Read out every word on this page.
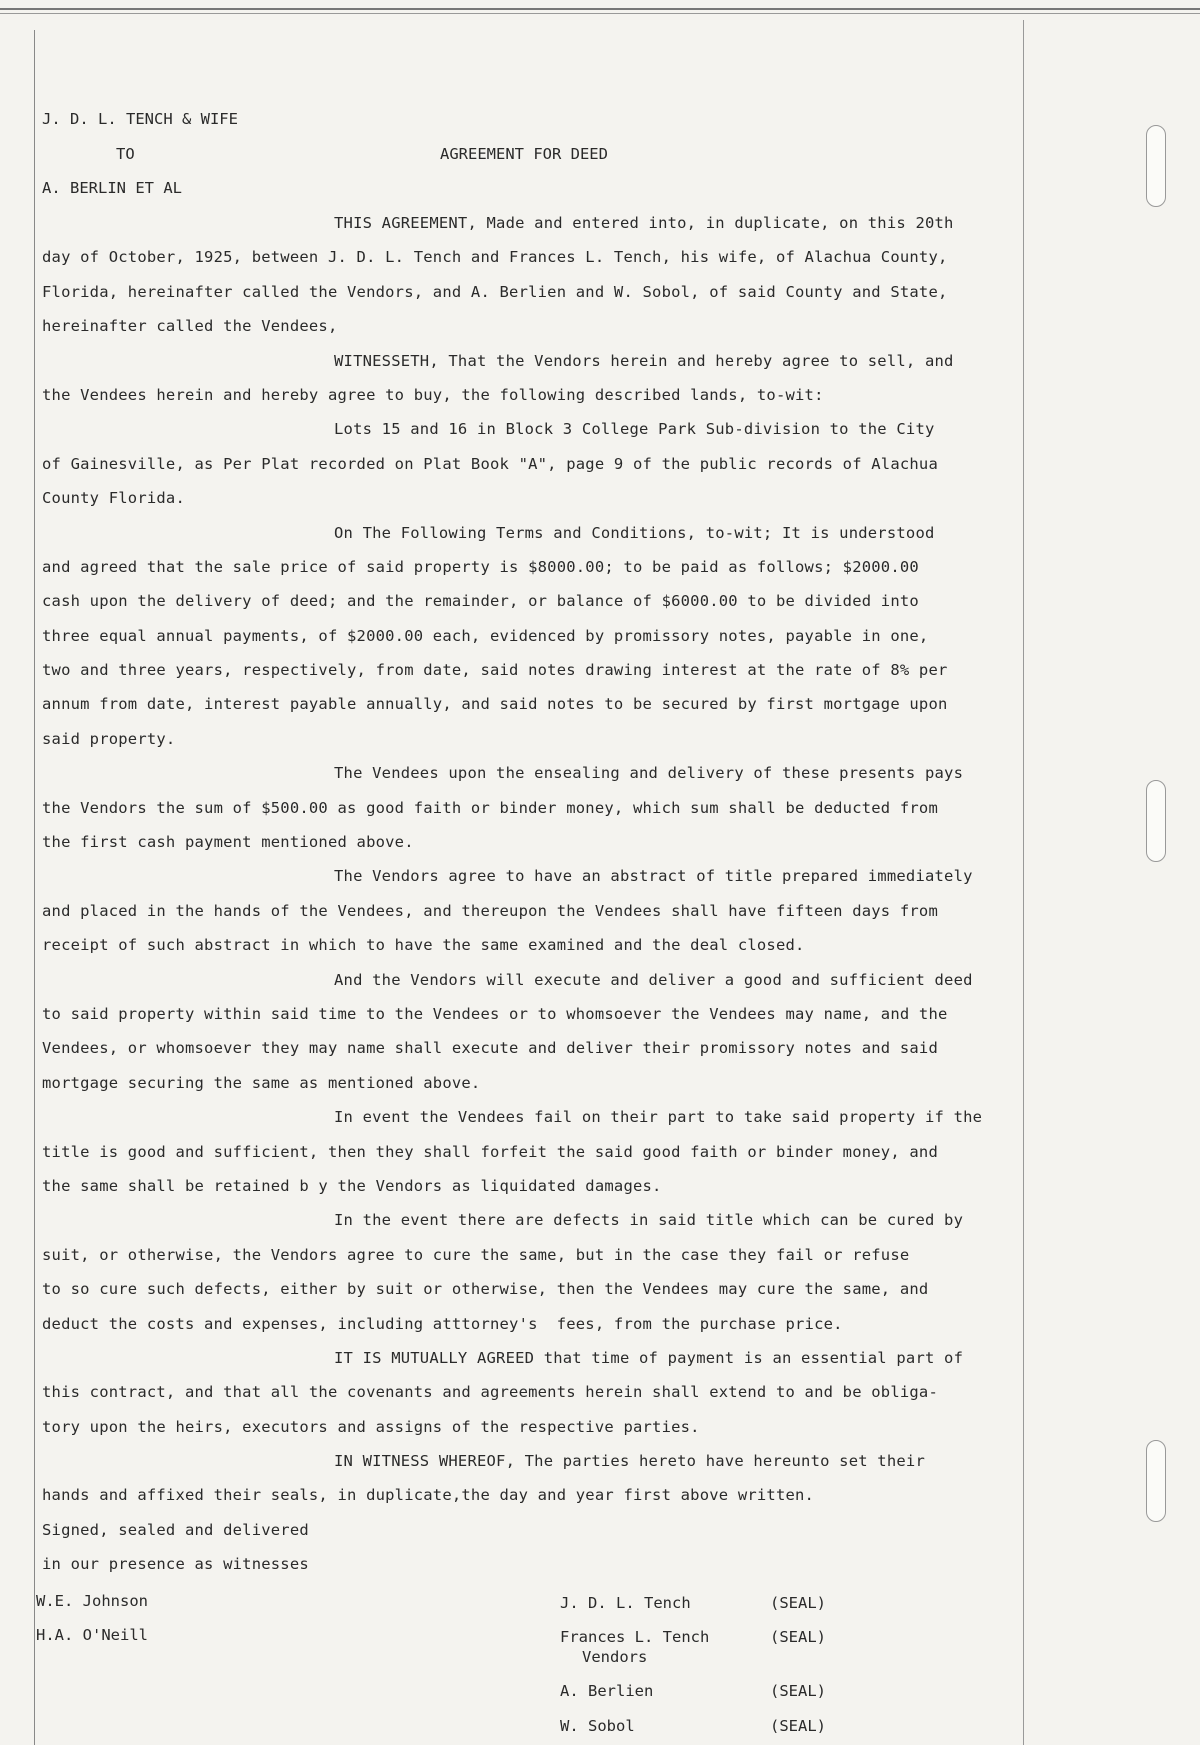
J. D. L. TENCH & WIFE
TO	AGREEMENT FOR DEED
A. BERLIN ET AL
THIS AGREEMENT, Made and entered into, in duplicate, on this 20th
day of October, 1925, between J. D. L. Tench and Frances L. Tench, his wife, of Alachua County,
Florida, hereinafter called the Vendors, and A. Berlien and W. Sobol, of said County and State,
hereinafter called the Vendees,
WITNESSETH, That the Vendors herein and hereby agree to sell, and
the Vendees herein and hereby agree to buy, the following described lands, to-wit:
Lots 15 and 16 in Block 3 College Park Sub-division to the City
of Gainesville, as Per Plat recorded on Plat Book "A", page 9 of the public records of Alachua
County Florida.
On The Following Terms and Conditions, to-wit; It is understood
and agreed that the sale price of said property is $8000.00; to be paid as follows; $2000.00
cash upon the delivery of deed; and the remainder, or balance of $6000.00 to be divided into
three equal annual payments, of $2000.00 each, evidenced by promissory notes, payable in one,
two and three years, respectively, from date, said notes drawing interest at the rate of 8% per
annum from date, interest payable annually, and said notes to be secured by first mortgage upon
said property.
The Vendees upon the ensealing and delivery of these presents pays
the Vendors the sum of $500.00 as good faith or binder money, which sum shall be deducted from
the first cash payment mentioned above.
The Vendors agree to have an abstract of title prepared immediately
and placed in the hands of the Vendees, and thereupon the Vendees shall have fifteen days from
receipt of such abstract in which to have the same examined and the deal closed.
And the Vendors will execute and deliver a good and sufficient deed
to said property within said time to the Vendees or to whomsoever the Vendees may name, and the
Vendees, or whomsoever they may name shall execute and deliver their promissory notes and said
mortgage securing the same as mentioned above.
In event the Vendees fail on their part to take said property if the
title is good and sufficient, then they shall forfeit the said good faith or binder money, and
the same shall be retained b y the Vendors as liquidated damages.
In the event there are defects in said title which can be cured by
suit, or otherwise, the Vendors agree to cure the same, but in the case they fail or refuse
to so cure such defects, either by suit or otherwise, then the Vendees may cure the same, and
deduct the costs and expenses, including atttorney's  fees, from the purchase price.
IT IS MUTUALLY AGREED that time of payment is an essential part of
this contract, and that all the covenants and agreements herein shall extend to and be obliga-
tory upon the heirs, executors and assigns of the respective parties.
IN WITNESS WHEREOF, The parties hereto have hereunto set their
hands and affixed their seals, in duplicate,the day and year first above written.
Signed, sealed and delivered
in our presence as witnesses
W.E. Johnson
H.A. O'Neill
J. D. L. Tench	(SEAL)
Frances L. Tench	(SEAL)
Vendors
A. Berlien	(SEAL)
W. Sobol	(SEAL)
